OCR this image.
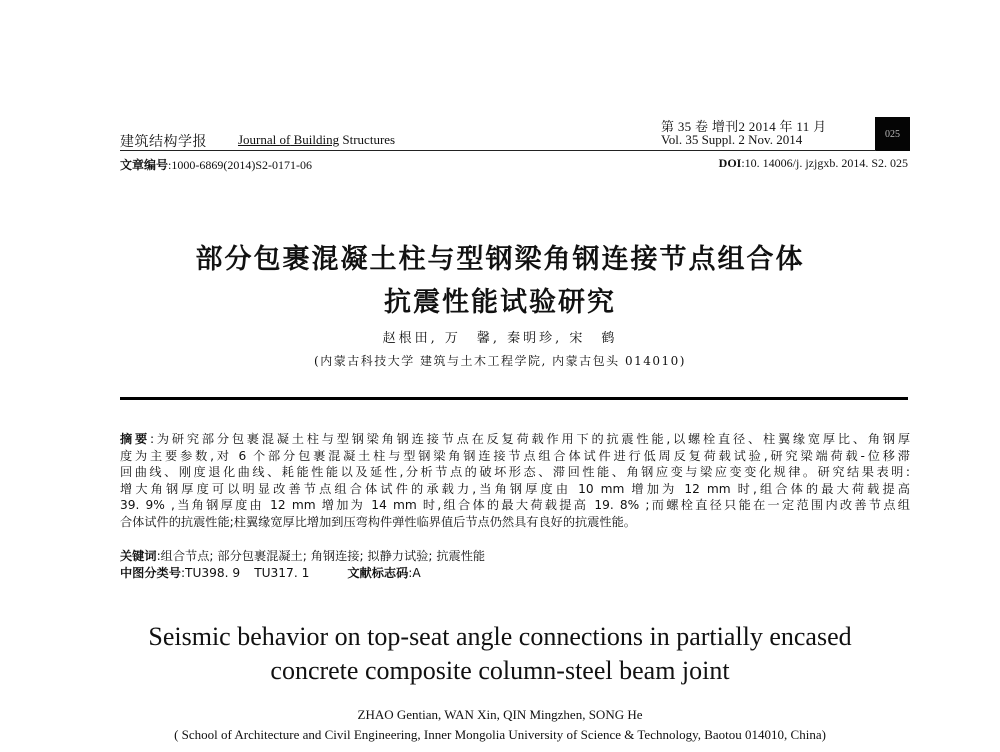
建筑结构学报 Journal of Building Structures
第 35 卷 增刊2 2014 年 11 月
Vol. 35 Suppl. 2 Nov. 2014	025
文章编号:1000-6869(2014)S2-0171-06	DOI:10. 14006/j. jzjgxb. 2014. S2. 025
部分包裹混凝土柱与型钢梁角钢连接节点组合体
抗震性能试验研究
赵根田, 万　馨, 秦明珍, 宋　鹤
(内蒙古科技大学 建筑与土木工程学院, 内蒙古包头 014010)
摘要:为研究部分包裹混凝土柱与型钢梁角钢连接节点在反复荷载作用下的抗震性能,以螺栓直径、柱翼缘宽厚比、角钢厚
度为主要参数,对 6 个部分包裹混凝土柱与型钢梁角钢连接节点组合体试件进行低周反复荷载试验,研究梁端荷载-位移滞
回曲线、刚度退化曲线、耗能性能以及延性,分析节点的破坏形态、滞回性能、角钢应变与梁应变变化规律。研究结果表明:
增大角钢厚度可以明显改善节点组合体试件的承载力,当角钢厚度由 10 mm 增加为 12 mm 时,组合体的最大荷载提高
39. 9% ,当角钢厚度由 12 mm 增加为 14 mm 时,组合体的最大荷载提高 19. 8% ;而螺栓直径只能在一定范围内改善节点组
合体试件的抗震性能;柱翼缘宽厚比增加到压弯构件弹性临界值后节点仍然具有良好的抗震性能。
关键词:组合节点; 部分包裹混凝土; 角钢连接; 拟静力试验; 抗震性能
中图分类号:TU398. 9 TU317. 1	文献标志码:A
Seismic behavior on top-seat angle connections in partially encased
concrete composite column-steel beam joint
ZHAO Gentian, WAN Xin, QIN Mingzhen, SONG He
( School of Architecture and Civil Engineering, Inner Mongolia University of Science & Technology, Baotou 014010, China)
